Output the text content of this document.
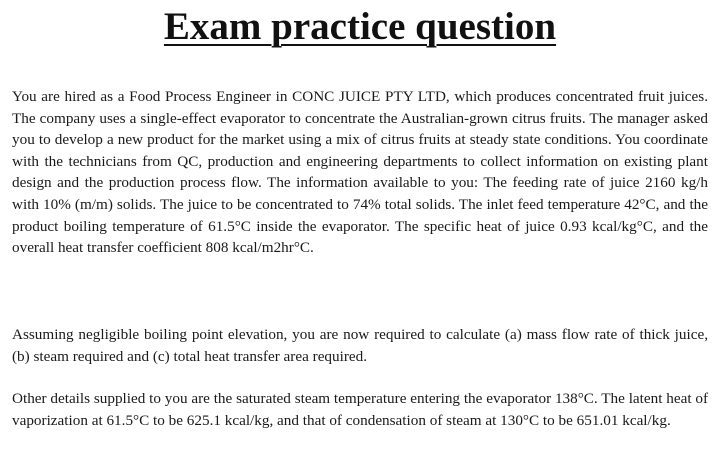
Exam practice question

You are hired as a Food Process Engineer in CONC JUICE PTY LTD, which produces concentrated fruit juices. The company uses a single-effect evaporator to concentrate the Australian-grown citrus fruits. The manager asked you to develop a new product for the market using a mix of citrus fruits at steady state conditions. You coordinate with the technicians from QC, production and engineering departments to collect information on existing plant design and the production process flow. The information available to you: The feeding rate of juice 2160 kg/h with 10% (m/m) solids. The juice to be concentrated to 74% total solids. The inlet feed temperature 42°C, and the product boiling temperature of 61.5°C inside the evaporator. The specific heat of juice 0.93 kcal/kg°C, and the overall heat transfer coefficient 808 kcal/m2hr°C.

Assuming negligible boiling point elevation, you are now required to calculate (a) mass flow rate of thick juice, (b) steam required and (c) total heat transfer area required.

Other details supplied to you are the saturated steam temperature entering the evaporator 138°C. The latent heat of vaporization at 61.5°C to be 625.1 kcal/kg, and that of condensation of steam at 130°C to be 651.01 kcal/kg.
